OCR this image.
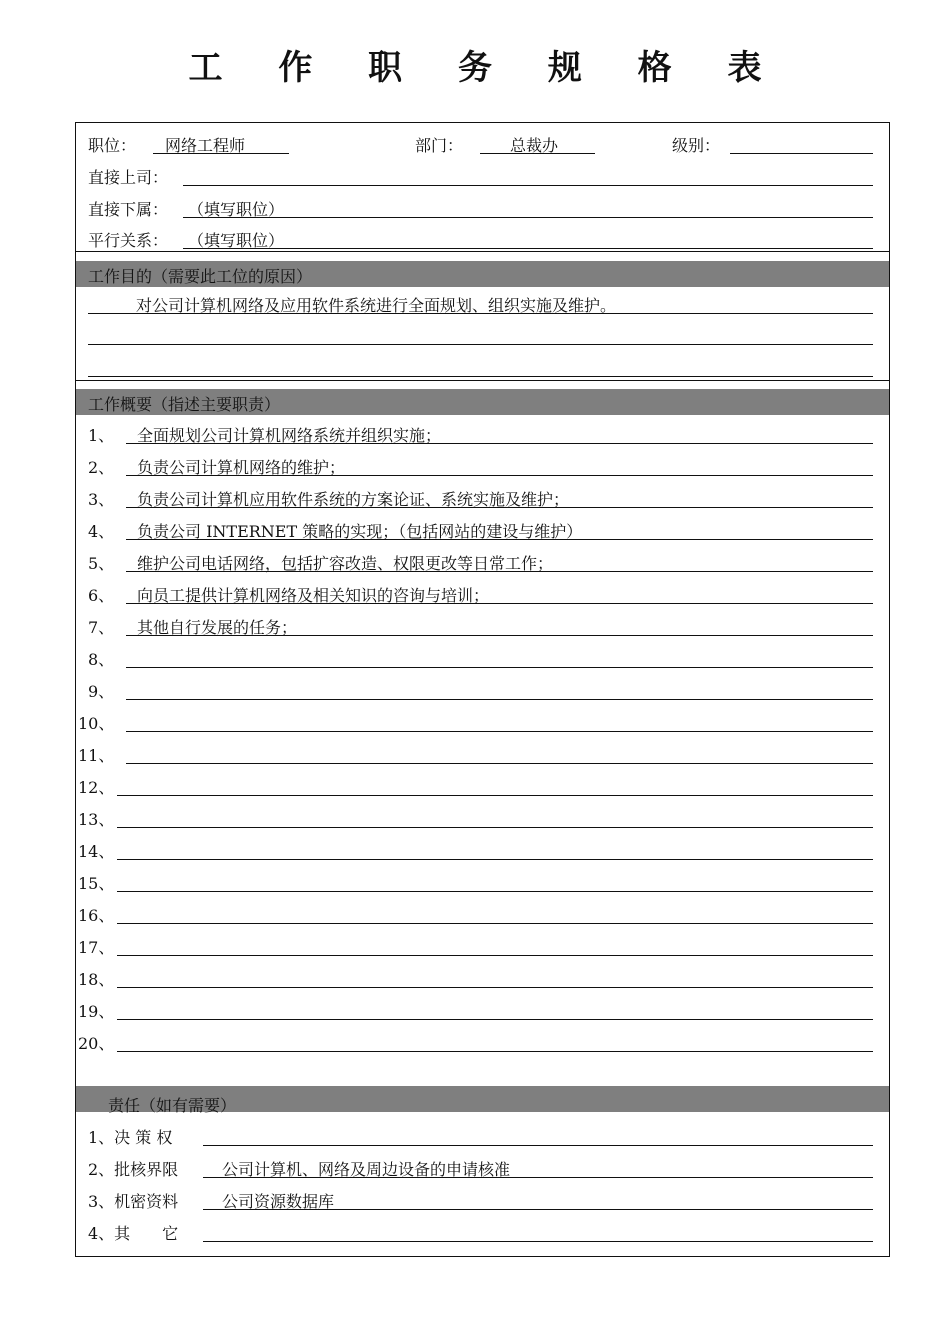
工 作 职 务 规 格 表
职位： 网络工程师	部门：	总裁办	级别：
直接上司：
直接下属： （填写职位）
平行关系： （填写职位）
工作目的（需要此工位的原因）
对公司计算机网络及应用软件系统进行全面规划、组织实施及维护。
工作概要（指述主要职责）
1、 全面规划公司计算机网络系统并组织实施；
2、 负责公司计算机网络的维护；
3、 负责公司计算机应用软件系统的方案论证、系统实施及维护；
4、 负责公司 INTERNET 策略的实现；（包括网站的建设与维护）
5、 维护公司电话网络，包括扩容改造、权限更改等日常工作；
6、 向员工提供计算机网络及相关知识的咨询与培训；
7、 其他自行发展的任务；
8、
9、
10、
11、
12、
13、
14、
15、
16、
17、
18、
19、
20、
责任（如有需要）
1、决 策 权
2、批核界限	公司计算机、网络及周边设备的申请核准
3、机密资料	公司资源数据库
4、其　　它
